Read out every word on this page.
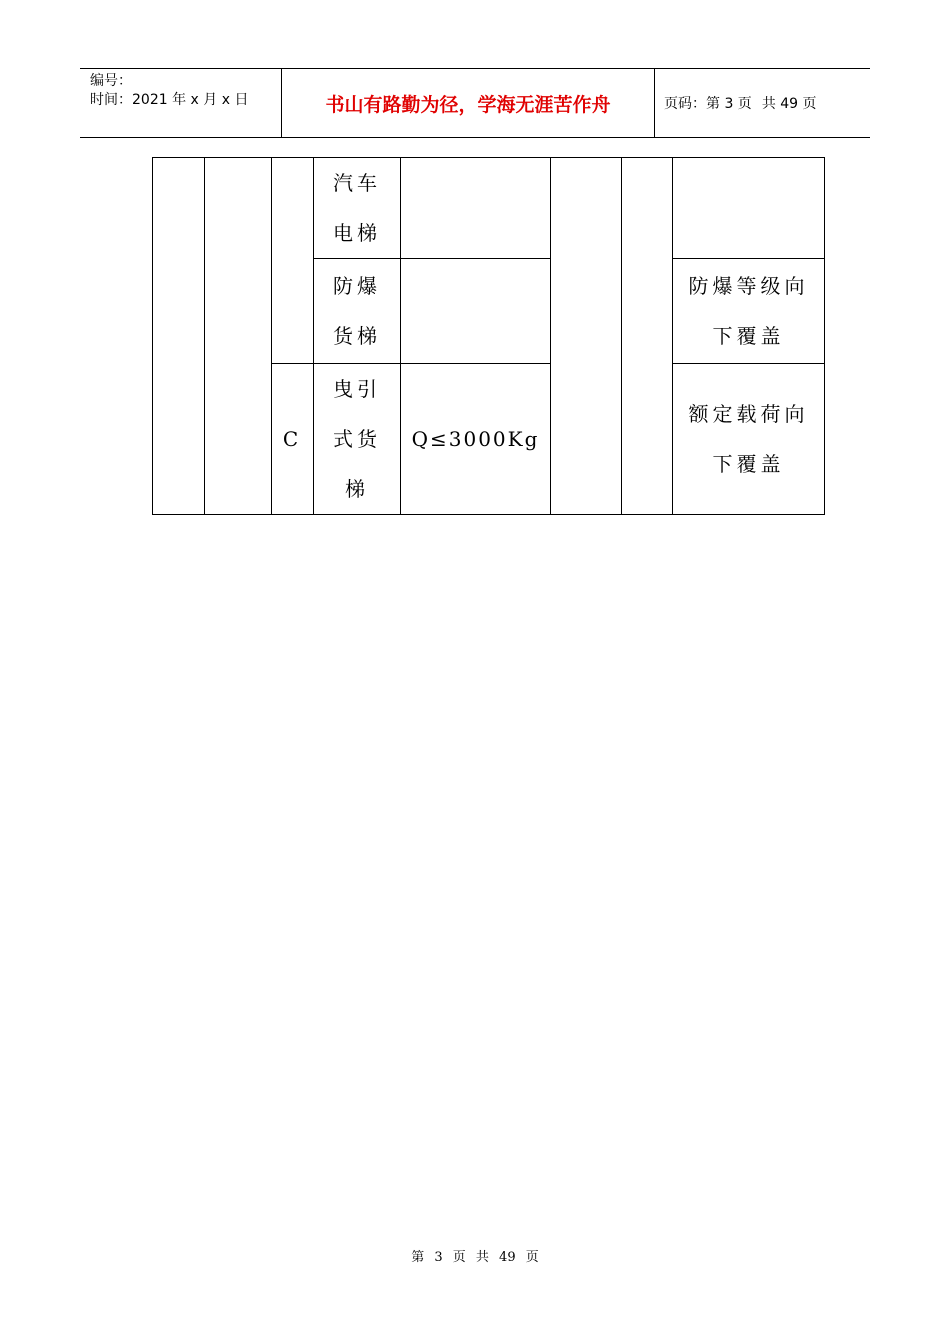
编号：
时间：2021 年 x 月 x 日	书山有路勤为径，学海无涯苦作舟	页码：第 3 页 共 49 页

			汽车电梯				

			防爆货梯				防爆等级向下覆盖

		C	曳引式货梯	Q≤3000Kg			额定载荷向下覆盖
第 3 页 共 49 页
